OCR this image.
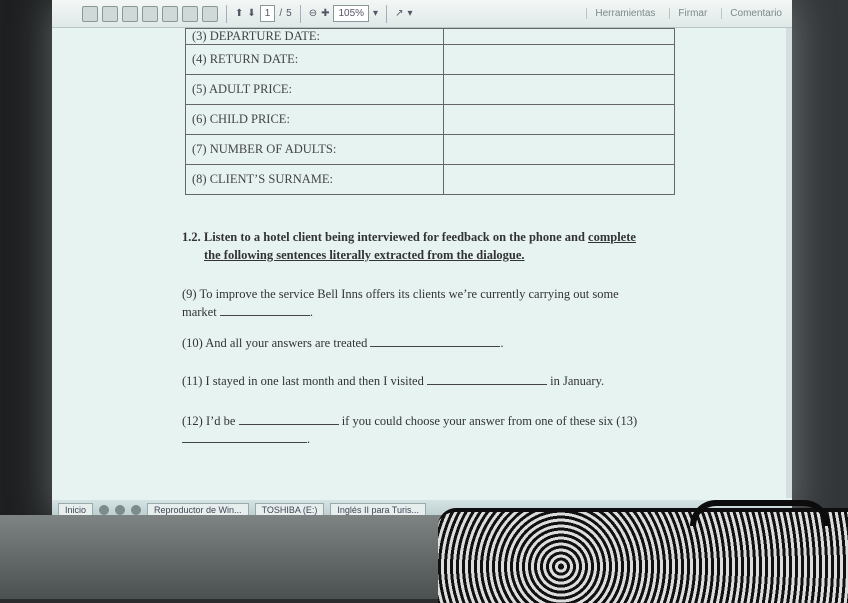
⬆ ⬇ 1 / 5 ⊖ ✚ 105% ▾ ↗ ▾	Herramientas	Firmar	Comentario
(3) DEPARTURE DATE:	
(4) RETURN DATE:	
(5) ADULT PRICE:	
(6) CHILD PRICE:	
(7) NUMBER OF ADULTS:	
(8) CLIENT’S SURNAME:	
1.2. Listen to a hotel client being interviewed for feedback on the phone and complete
the following sentences literally extracted from the dialogue.
(9) To improve the service Bell Inns offers its clients we’re currently carrying out some
market	.
(10) And all your answers are treated	.
(11) I stayed in one last month and then I visited	in January.
(12) I’d be	if you could choose your answer from one of these six (13)
.
Inicio	Reproductor de Win...	TOSHIBA (E:)	Inglés II para Turis...
